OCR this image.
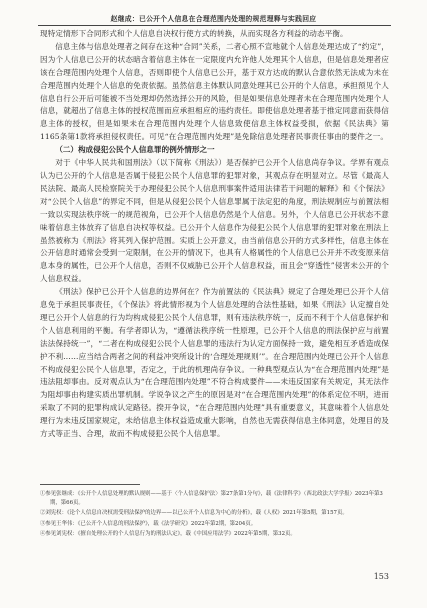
赵继成：已公开个人信息在合理范围内处理的规范理释与实践回应

现特定情形下合同形式和个人信息自决权行使方式的转换，从而实现各方利益的动态平衡。

信息主体与信息处理者之间存在这种“合同”关系，二者心照不宣地就个人信息处理达成了“约定”，因为个人信息已公开的状态暗含着信息主体在一定限度内允许他人处理其个人信息，但是信息处理者应该在合理范围内处理个人信息，否则即使个人信息已公开，基于双方达成的默认合意依然无法成为未在合理范围内处理个人信息的免责依据。虽然信息主体默认同意处理其已公开的个人信息，承担预见个人信息自行公开后可能被不当处理却仍然选择公开的风险，但是如果信息处理者未在合理范围内处理个人信息，就超出了信息主体的授权范围而应承担相应的违约责任。即使信息处理者基于推定同意而获得信息主体的授权，但是如果未在合理范围内处理个人信息致使信息主体权益受损，依据《民法典》第1165条第1款将承担侵权责任。可见“在合理范围内处理”是免除信息处理者民事责任事由的要件之一。

（二）构成侵犯公民个人信息罪的例外情形之一

对于《中华人民共和国刑法》（以下简称《刑法》）是否保护已公开个人信息尚存争议。学界有观点认为已公开的个人信息是否属于侵犯公民个人信息罪的犯罪对象，其观点存在明显对立。尽管《最高人民法院、最高人民检察院关于办理侵犯公民个人信息刑事案件适用法律若干问题的解释》和《个保法》对“公民个人信息”的界定不同，但是从侵犯公民个人信息罪属于法定犯的角度，刑法规制应与前置法相一致以实现法秩序统一的规范视角，已公开个人信息仍然是个人信息。另外，个人信息已公开状态不意味着信息主体放弃了信息自决权等权益。已公开个人信息作为侵犯公民个人信息罪的犯罪对象在刑法上虽然被称为《刑法》将其列入保护范围。实质上公开意义，由当前信息公开的方式多样性，信息主体在公开信息时通常会受到一定限制，在公开的情况下，也具有人格属性的个人信息已公开并不改变原来信息本身的属性，已公开个人信息，否则不仅威胁已公开个人信息权益，而且会“穿透性”侵害未公开的个人信息权益。

《刑法》保护已公开个人信息的边界何在？作为前置法的《民法典》规定了合理处理已公开个人信息免于承担民事责任，《个保法》将此情形视为个人信息处理的合法性基础，如果《刑法》认定擅自处理已公开个人信息的行为均构成侵犯公民个人信息罪，则有违法秩序统一，反而不利于个人信息保护和个人信息利用的平衡。有学者即认为，“遵循法秩序统一性原理，已公开个人信息的刑法保护应与前置法法保持统一”，“二者在构成侵犯公民个人信息罪的违法行为认定方面保持一致，避免相互矛盾造成保护不利……应当结合两者之间的利益冲突所设计的‘合理处理规则’”。在合理范围内处理已公开个人信息不构成侵犯公民个人信息罪，否定之，于此的机理尚存争议。一种典型观点认为“在合理范围内处理”是违法阻却事由。反对观点认为“在合理范围内处理”不符合构成要件——未违反国家有关规定，其无法作为阻却事由构建实质出罪机制。学说争议之产生的原因是对“在合理范围内处理”的体系定位不明，进而采取了不同的犯罪构成认定路径。揆开争议，“在合理范围内处理”具有重要意义，其意味着个人信息处理行为未违反国家规定，未给信息主体权益造成重大影响，自然也无需获得信息主体同意，处理目的及方式等正当、合理，故而不构成侵犯公民个人信息罪。

①参见张继成：《公开个人信息处理的默认规则——基于〈个人信息保护法〉第27条第1分句》，载《法律科学》（西北政法大学学报）2023年第3期，第66页。

②刘宪权：《论个人信息自决权需受刑法保护的边界——以已公开个人信息为中心的分析》，载《人权》2021年第5期，第157页。

③参见王华伟：《已公开个人信息的刑法保护》，载《法学研究》2022年第2期，第204页。

④参见刘宪权：《擅自处理公开的个人信息行为的刑法认定》，载《中国应用法学》2022年第5期，第32页。

153
